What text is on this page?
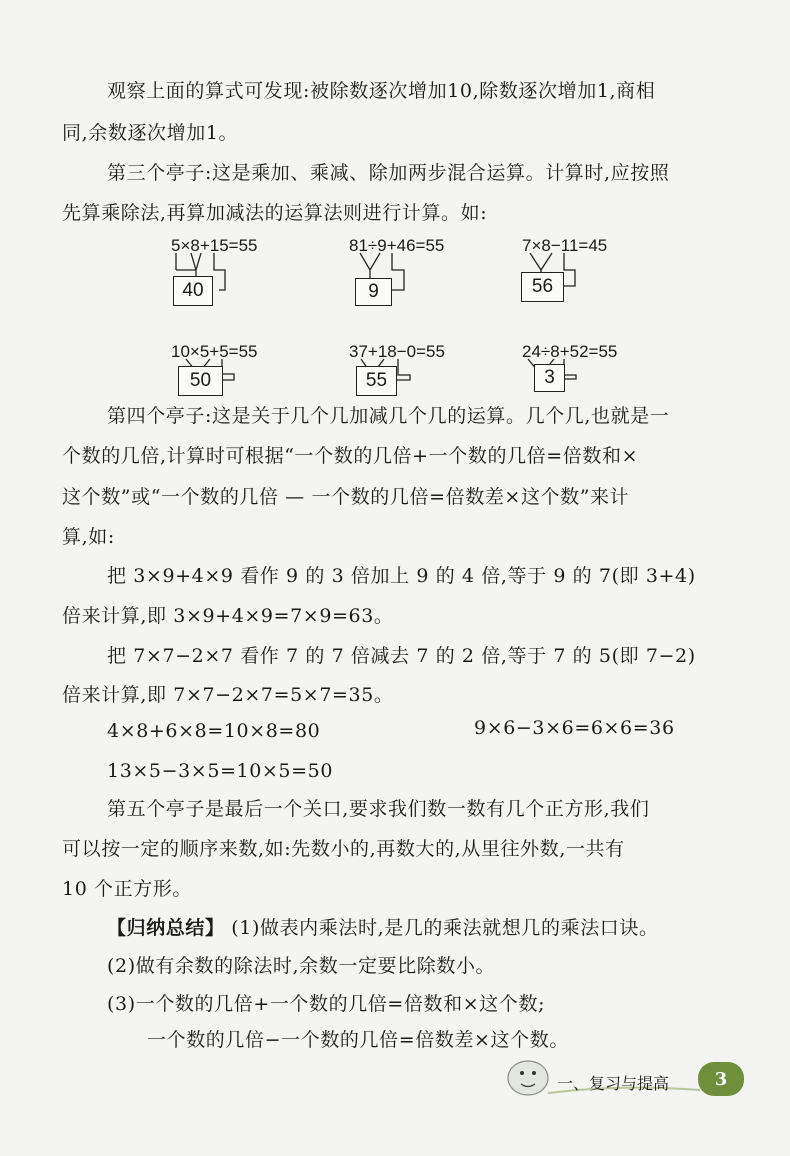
观察上面的算式可发现:被除数逐次增加10,除数逐次增加1,商相
同,余数逐次增加1。
第三个亭子:这是乘加、乘减、除加两步混合运算。计算时,应按照
先算乘除法,再算加减法的运算法则进行计算。如:
5×8+15=55
40
81÷9+46=55
9
7×8−11=45
56
10×5+5=55
50
37+18−0=55
55
24÷8+52=55
3
第四个亭子:这是关于几个几加减几个几的运算。几个几,也就是一
个数的几倍,计算时可根据“一个数的几倍+一个数的几倍=倍数和×
这个数”或“一个数的几倍 — 一个数的几倍=倍数差×这个数”来计
算,如:
把 3×9+4×9 看作 9 的 3 倍加上 9 的 4 倍,等于 9 的 7(即 3+4)
倍来计算,即 3×9+4×9=7×9=63。
把 7×7−2×7 看作 7 的 7 倍减去 7 的 2 倍,等于 7 的 5(即 7−2)
倍来计算,即 7×7−2×7=5×7=35。
4×8+6×8=10×8=80	9×6−3×6=6×6=36
13×5−3×5=10×5=50
第五个亭子是最后一个关口,要求我们数一数有几个正方形,我们
可以按一定的顺序来数,如:先数小的,再数大的,从里往外数,一共有
10 个正方形。
【归纳总结】 (1)做表内乘法时,是几的乘法就想几的乘法口诀。
(2)做有余数的除法时,余数一定要比除数小。
(3)一个数的几倍+一个数的几倍=倍数和×这个数;
一个数的几倍−一个数的几倍=倍数差×这个数。
一、复习与提高	3
